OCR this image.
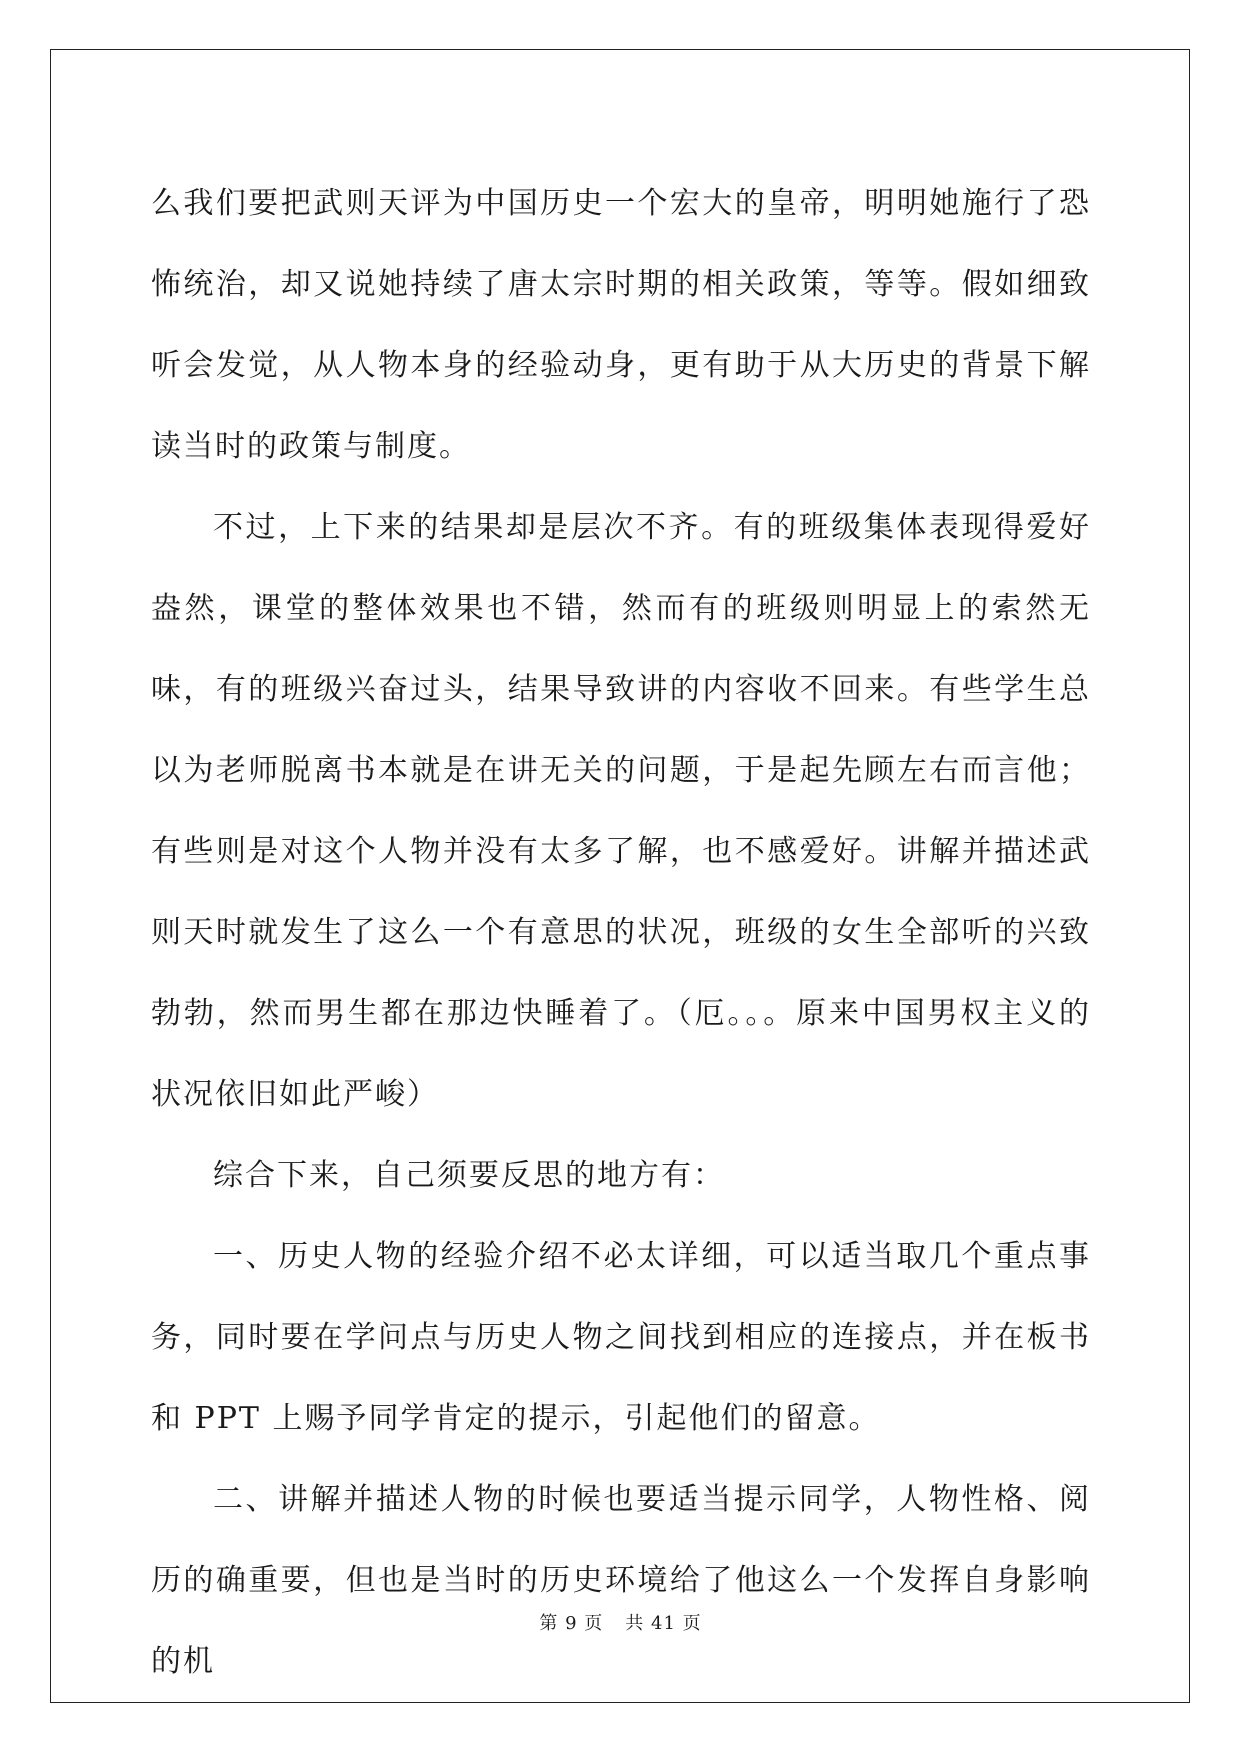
么我们要把武则天评为中国历史一个宏大的皇帝，明明她施行了恐怖统治，却又说她持续了唐太宗时期的相关政策，等等。假如细致听会发觉，从人物本身的经验动身，更有助于从大历史的背景下解读当时的政策与制度。

不过，上下来的结果却是层次不齐。有的班级集体表现得爱好盎然，课堂的整体效果也不错，然而有的班级则明显上的索然无味，有的班级兴奋过头，结果导致讲的内容收不回来。有些学生总以为老师脱离书本就是在讲无关的问题，于是起先顾左右而言他；有些则是对这个人物并没有太多了解，也不感爱好。讲解并描述武则天时就发生了这么一个有意思的状况，班级的女生全部听的兴致勃勃，然而男生都在那边快睡着了。（厄。。。原来中国男权主义的状况依旧如此严峻）

综合下来，自己须要反思的地方有：

一、历史人物的经验介绍不必太详细，可以适当取几个重点事务，同时要在学问点与历史人物之间找到相应的连接点，并在板书和 PPT 上赐予同学肯定的提示，引起他们的留意。

二、讲解并描述人物的时候也要适当提示同学，人物性格、阅历的确重要，但也是当时的历史环境给了他这么一个发挥自身影响的机

第 9 页 共 41 页
